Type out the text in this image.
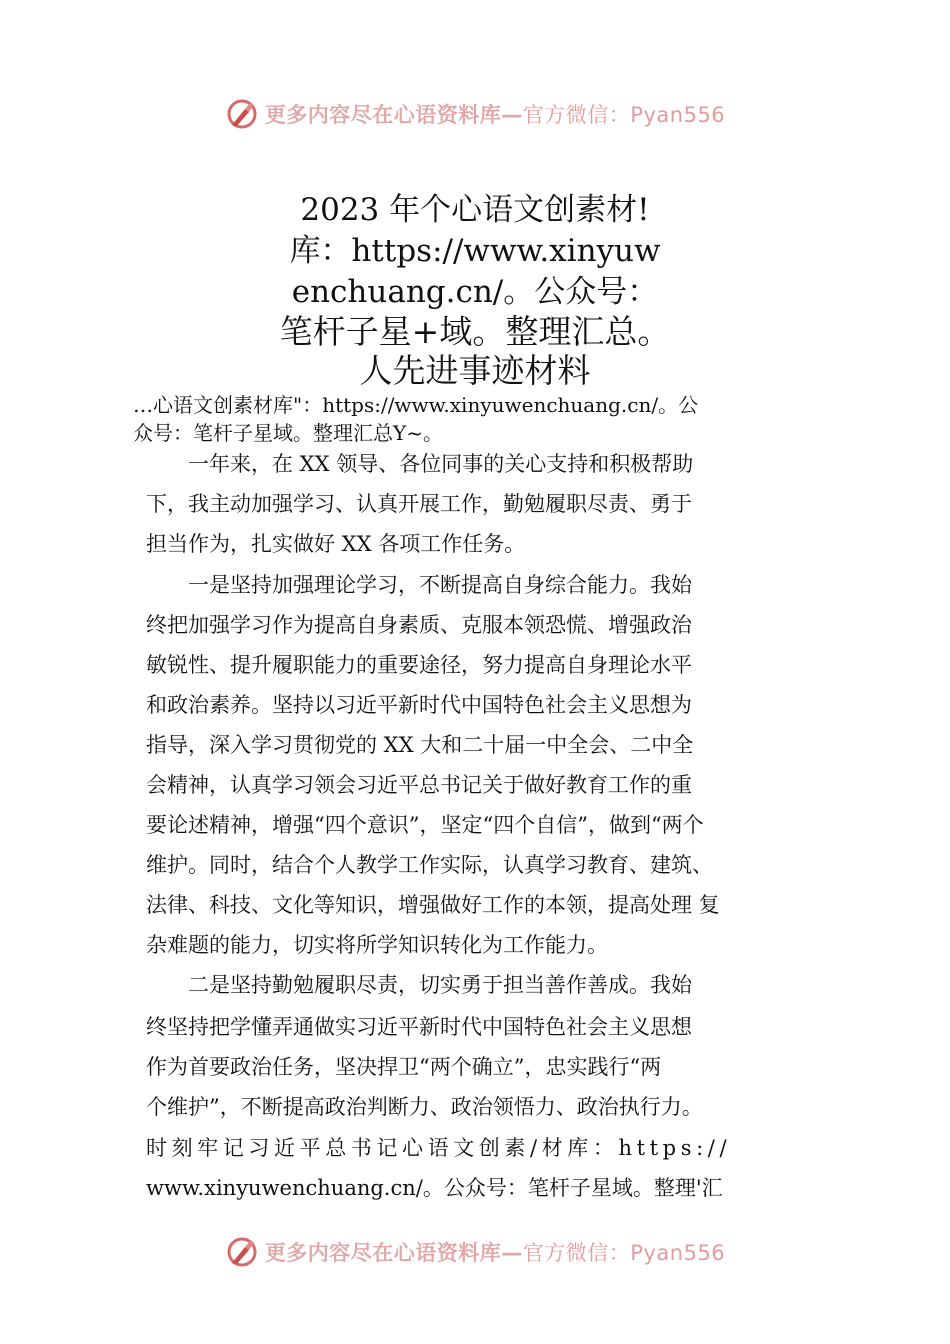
更多内容尽在心语资料库—官方微信：Pyan556
2023 年个心语文创素材!
库：https://www.xinyuw
enchuang.cn/。公众号：
笔杆子星+域。整理汇总。
人先进事迹材料
…心语文创素材库"：https://www.xinyuwenchuang.cn/。公
众号：笔杆子星域。整理汇总Y~。
　　一年来，在 XX 领导、各位同事的关心支持和积极帮助
下，我主动加强学习、认真开展工作，勤勉履职尽责、勇于
担当作为，扎实做好 XX 各项工作任务。
　　一是坚持加强理论学习，不断提高自身综合能力。我始
终把加强学习作为提高自身素质、克服本领恐慌、增强政治
敏锐性、提升履职能力的重要途径，努力提高自身理论水平
和政治素养。坚持以习近平新时代中国特色社会主义思想为
指导，深入学习贯彻党的 XX 大和二十届一中全会、二中全
会精神，认真学习领会习近平总书记关于做好教育工作的重
要论述精神，增强“四个意识”，坚定“四个自信”，做到“两个
维护。同时，结合个人教学工作实际，认真学习教育、建筑、
法律、科技、文化等知识，增强做好工作的本领，提高处理 复
杂难题的能力，切实将所学知识转化为工作能力。
　　二是坚持勤勉履职尽责，切实勇于担当善作善成。我始
终坚持把学懂弄通做实习近平新时代中国特色社会主义思想
作为首要政治任务，坚决捍卫“两个确立”，忠实践行“两
个维护”，不断提高政治判断力、政治领悟力、政治执行力。
时刻牢记习近平总书记心语文创素/材库：https://
www.xinyuwenchuang.cn/。公众号：笔杆子星域。整理'汇
更多内容尽在心语资料库—官方微信：Pyan556
